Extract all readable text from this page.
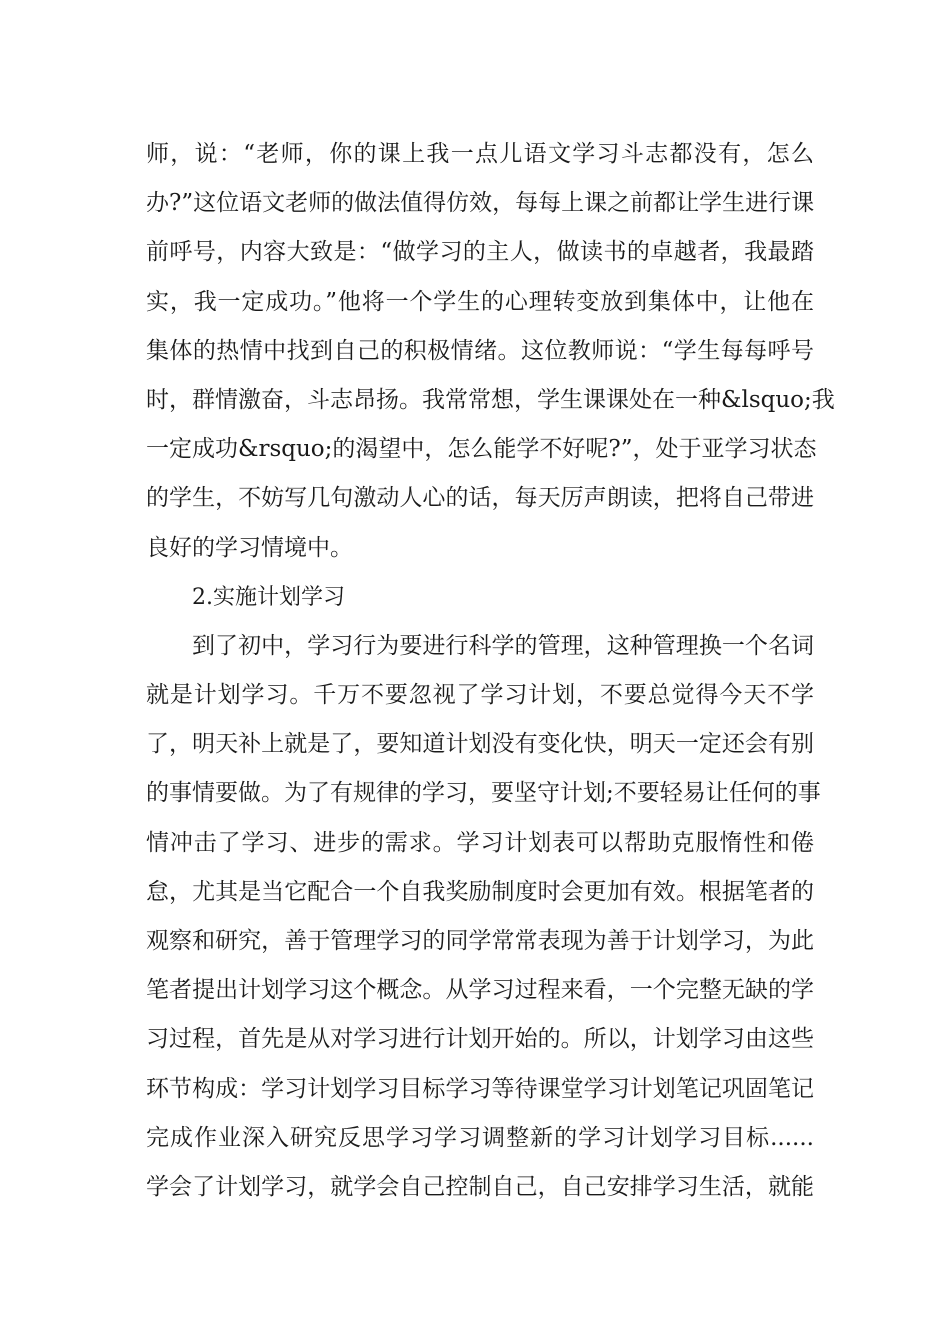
师，说：“老师，你的课上我一点儿语文学习斗志都没有，怎么
办?”这位语文老师的做法值得仿效，每每上课之前都让学生进行课
前呼号，内容大致是：“做学习的主人，做读书的卓越者，我最踏
实，我一定成功。”他将一个学生的心理转变放到集体中，让他在
集体的热情中找到自己的积极情绪。这位教师说：“学生每每呼号
时，群情激奋，斗志昂扬。我常常想，学生课课处在一种&lsquo;我
一定成功&rsquo;的渴望中，怎么能学不好呢?”，处于亚学习状态
的学生，不妨写几句激动人心的话，每天厉声朗读，把将自己带进
良好的学习情境中。
2.实施计划学习
到了初中，学习行为要进行科学的管理，这种管理换一个名词
就是计划学习。千万不要忽视了学习计划，不要总觉得今天不学
了，明天补上就是了，要知道计划没有变化快，明天一定还会有别
的事情要做。为了有规律的学习，要坚守计划;不要轻易让任何的事
情冲击了学习、进步的需求。学习计划表可以帮助克服惰性和倦
怠，尤其是当它配合一个自我奖励制度时会更加有效。根据笔者的
观察和研究，善于管理学习的同学常常表现为善于计划学习，为此
笔者提出计划学习这个概念。从学习过程来看，一个完整无缺的学
习过程，首先是从对学习进行计划开始的。所以，计划学习由这些
环节构成：学习计划学习目标学习等待课堂学习计划笔记巩固笔记
完成作业深入研究反思学习学习调整新的学习计划学习目标......
学会了计划学习，就学会自己控制自己，自己安排学习生活，就能
